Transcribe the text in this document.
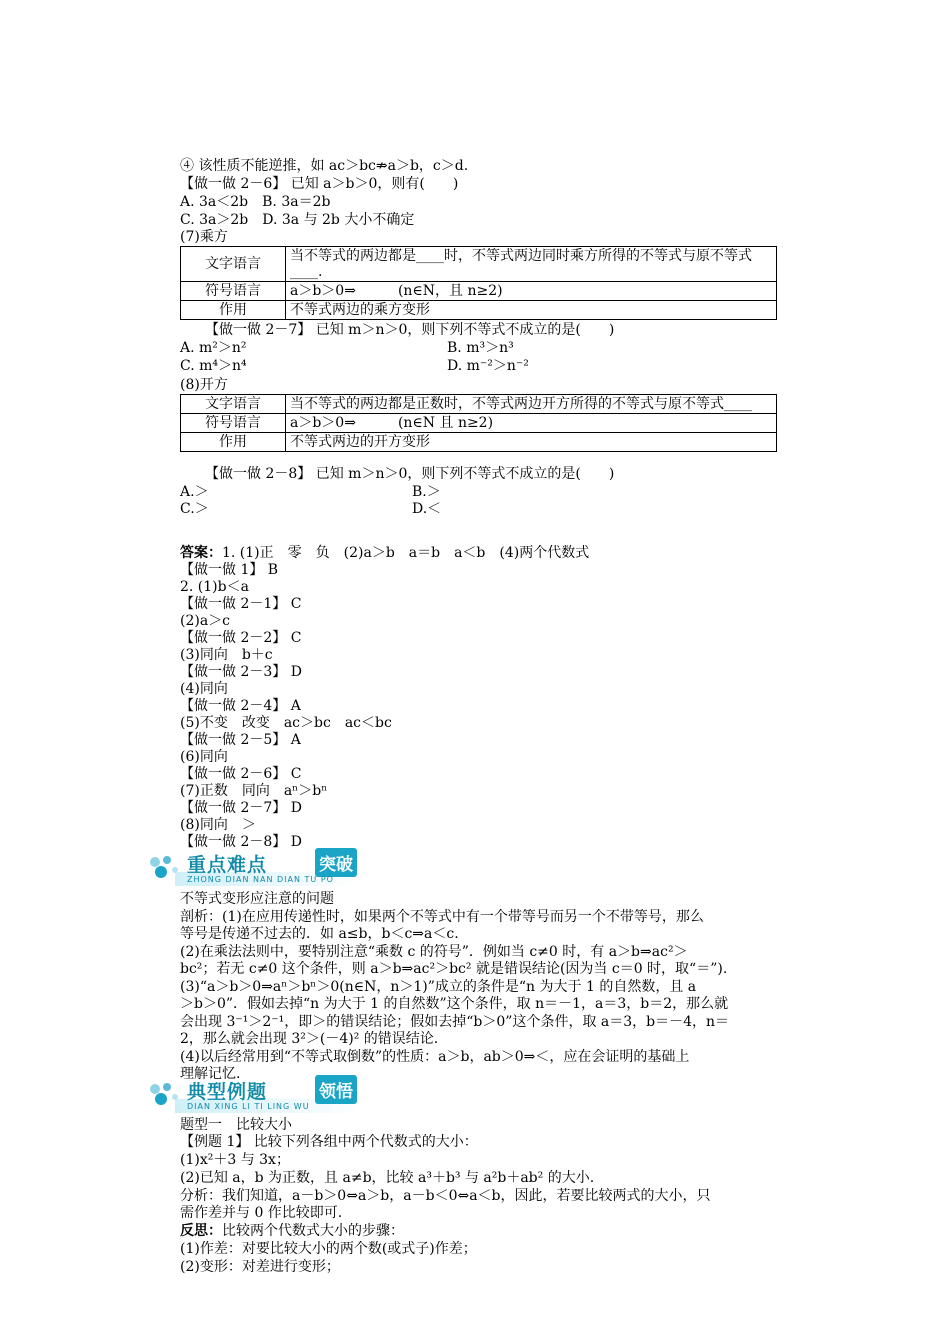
④ 该性质不能逆推，如 ac＞bc⇏a＞b，c＞d.
【做一做 2－6】 已知 a＞b＞0，则有(　　)
A. 3a＜2b　B. 3a＝2b
C. 3a＞2b　D. 3a 与 2b 大小不确定
(7)乘方
文字语言	当不等式的两边都是____时，不等式两边同时乘方所得的不等式与原不等式____.
符号语言	a＞b＞0⇒　　　(n∈N，且 n≥2)
作用	不等式两边的乘方变形
【做一做 2－7】 已知 m＞n＞0，则下列不等式不成立的是(　　)
A. m²＞n²	B. m³＞n³
C. m⁴＞n⁴	D. m⁻²＞n⁻²
(8)开方
文字语言	当不等式的两边都是正数时，不等式两边开方所得的不等式与原不等式____
符号语言	a＞b＞0⇒　　　(n∈N 且 n≥2)
作用	不等式两边的开方变形
【做一做 2－8】 已知 m＞n＞0，则下列不等式不成立的是(　　)
A.＞	B.＞
C.＞	D.＜
答案：1. (1)正　零　负　(2)a＞b　a＝b　a＜b　(4)两个代数式
【做一做 1】 B
2. (1)b＜a
【做一做 2－1】 C
(2)a＞c
【做一做 2－2】 C
(3)同向　b＋c
【做一做 2－3】 D
(4)同向
【做一做 2－4】 A
(5)不变　改变　ac＞bc　ac＜bc
【做一做 2－5】 A
(6)同向
【做一做 2－6】 C
(7)正数　同向　aⁿ＞bⁿ
【做一做 2－7】 D
(8)同向　＞
【做一做 2－8】 D
重点难点	突破
ZHONG DIAN NAN DIAN TU PO
不等式变形应注意的问题
剖析：(1)在应用传递性时，如果两个不等式中有一个带等号而另一个不带等号，那么
等号是传递不过去的．如 a≤b，b＜c⇒a＜c.
(2)在乘法法则中，要特别注意“乘数 c 的符号”．例如当 c≠0 时，有 a＞b⇒ac²＞
bc²；若无 c≠0 这个条件，则 a＞b⇒ac²＞bc² 就是错误结论(因为当 c＝0 时，取“＝”).
(3)“a＞b＞0⇒aⁿ＞bⁿ＞0(n∈N，n＞1)”成立的条件是“n 为大于 1 的自然数，且 a
＞b＞0”．假如去掉“n 为大于 1 的自然数”这个条件，取 n＝－1，a＝3，b＝2，那么就
会出现 3⁻¹＞2⁻¹，即＞的错误结论；假如去掉“b＞0”这个条件，取 a＝3，b＝－4，n＝
2，那么就会出现 3²＞(－4)² 的错误结论.
(4)以后经常用到“不等式取倒数”的性质：a＞b，ab＞0⇒＜，应在会证明的基础上
理解记忆.
典型例题	领悟
DIAN XING LI TI LING WU
题型一　比较大小
【例题 1】 比较下列各组中两个代数式的大小：
(1)x²＋3 与 3x；
(2)已知 a，b 为正数，且 a≠b，比较 a³＋b³ 与 a²b＋ab² 的大小.
分析：我们知道，a－b＞0⇔a＞b，a－b＜0⇔a＜b，因此，若要比较两式的大小，只
需作差并与 0 作比较即可.
反思：比较两个代数式大小的步骤：
(1)作差：对要比较大小的两个数(或式子)作差；
(2)变形：对差进行变形；
